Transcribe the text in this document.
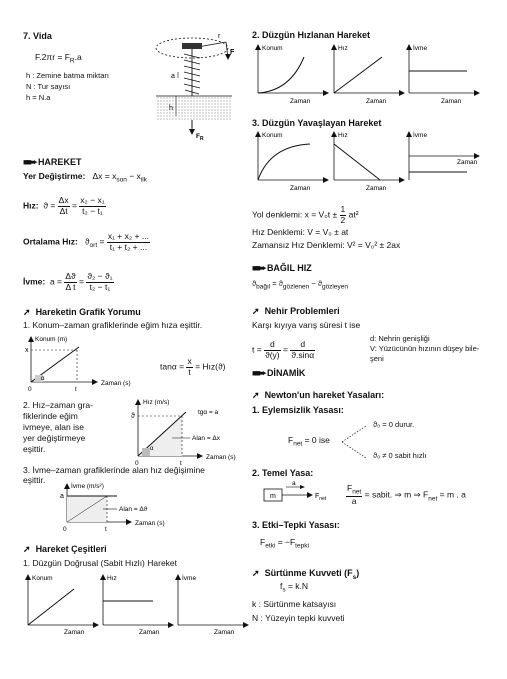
7. Vida
$F.2\pi r = F_R.a$
h : Zemine batma miktarı
N : Tur sayısı
h = N.a
r
F
a
h
$F_R$
■■➨ HAREKET
Yer Değiştirme: $\Delta x = x_{son} - x_{ilk}$
Hız:  $ϑ = \frac{\Delta x}{\Delta t} = \frac{\text{x₂ − x₁}}{\text{t₂ − t₁}}$
Ortalama Hız: $ϑ_{ort} = \frac{\text{x₁ + x₂ + ...}}{\text{t₁ + t₂ + ...}}$
İvme:  $a = \frac{\Delta ϑ}{\text{Δ t}} = \frac{\text{ϑ₂ − ϑ₁}}{\text{t₂ − t₁}}$
➚ Hareketin Grafik Yorumu
1. Konum–zaman grafiklerinde eğim hıza eşittir.
Konum (m)
x
α
0	t
Zaman (s)
$\tan\alpha = \frac{x}{t}$ = Hız(ϑ)
2. Hız–zaman gra-
fiklerinde eğim
ivmeye, alan ise
yer değiştirmeye
eşittir.
Hız (m/s)
ϑ
α
0	t
Zaman (s)
tgα = a
Alan = Δx
3. İvme–zaman grafiklerinde alan hız değişimine
eşittir.
İvme (m/s²)
a
0	t
Zaman (s)
Alan = Δϑ
➚ Hareket Çeşitleri
1. Düzgün Doğrusal (Sabit Hızlı) Hareket
Konum
Zaman
Hız
Zaman
İvme
Zaman
2. Düzgün Hızlanan Hareket
Konum
Zaman
Hız
Zaman
İvme
Zaman
3. Düzgün Yavaşlayan Hareket
Konum
Zaman
Hız
Zaman
İvme
Zaman
Yol denklemi: $x = V_0t \pm \frac{1}{2} at^2$
Hız Denklemi: V = V₀ ± at
Zamansız Hız Denklemi: V² = V₀² ± 2ax
■■➨ BAĞIL HIZ
$ϑ_{bağıl} = ϑ_{gözlenen} - ϑ_{gözleyen}$
➚ Nehir Problemleri
Karşı kıyıya varış süresi t ise
$t = \frac{d}{ϑ(y)} = \frac{d}{ϑ.\sin\alpha}$
d: Nehrin genişliği
V: Yüzücünün hızının düşey bile-
şeni
■■➨ DİNAMİK
➚ Newton'un hareket Yasaları:
1. Eylemsizlik Yasası:
$F_{net} = 0$ ise
ϑ₀ = 0 durur.
ϑ₀ ≠ 0 sabit hızlı
2. Temel Yasa:
m
a
$F_{net} \frac{F_{net}}{a}$ = sabit. ⇒ m ⇒ $F_{net} = m$ . a
3. Etki–Tepki Yasası:
$F_{etki} = -F_{tepki}$
➚ Sürtünme Kuvveti $(F_s)$
$f_s = k.N$
k : Sürtünme katsayısı
N : Yüzeyin tepki kuvveti
